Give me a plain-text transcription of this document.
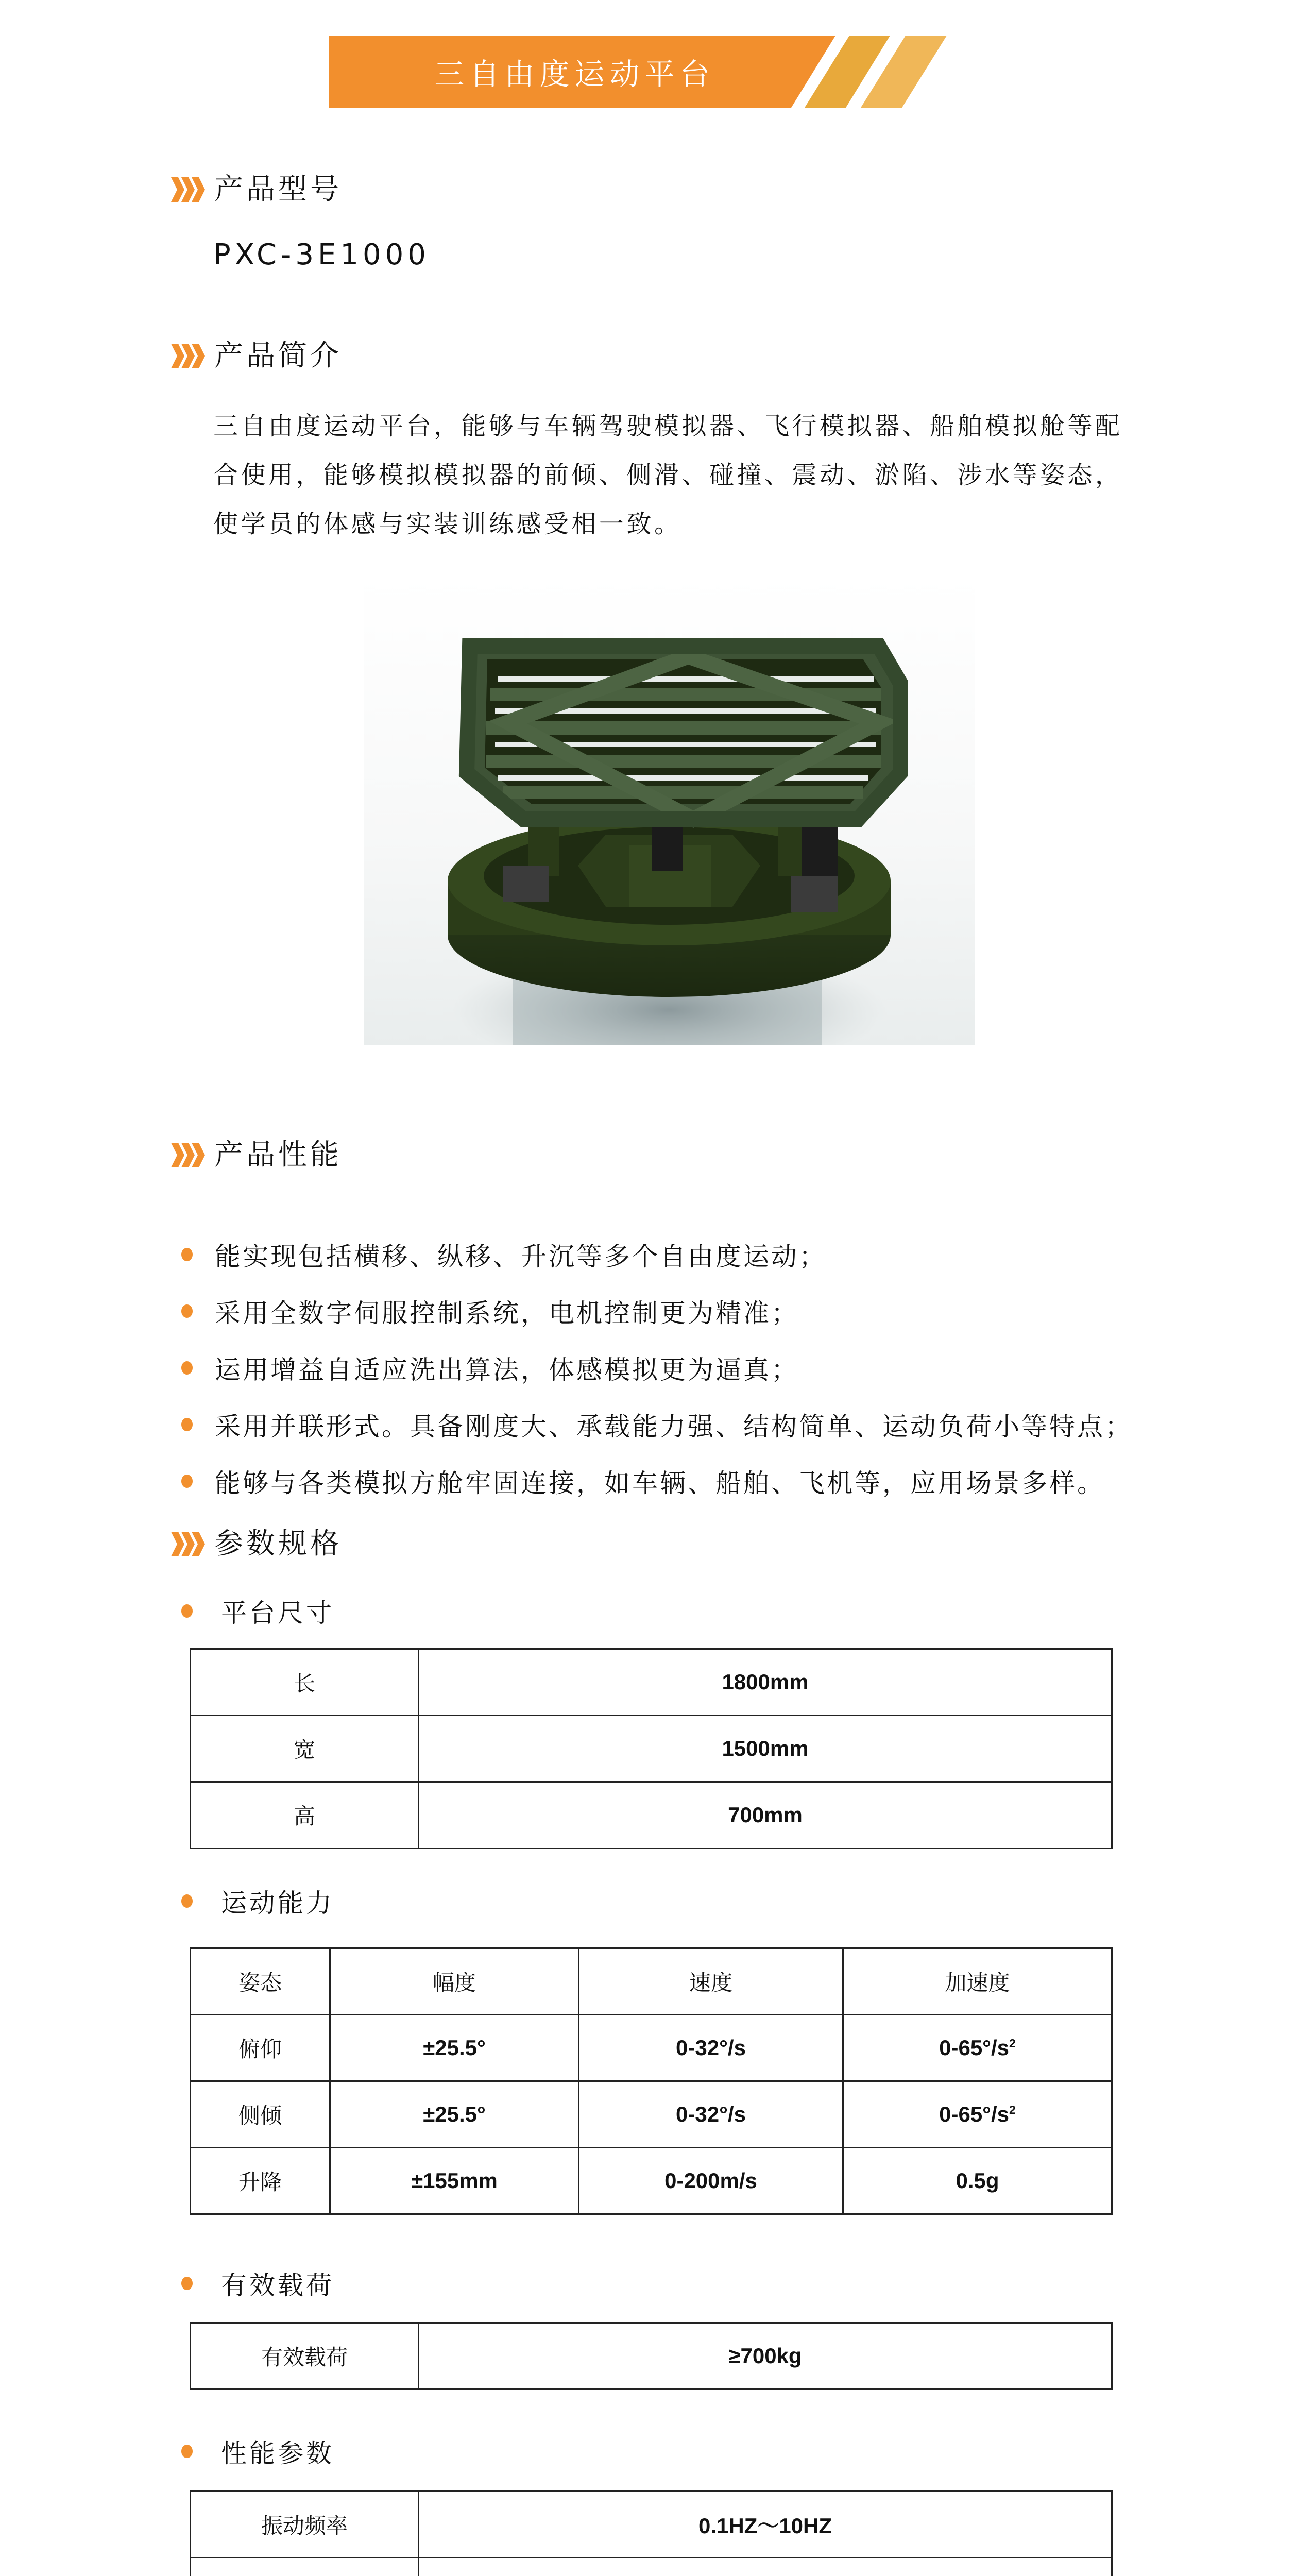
三自由度运动平台
产品型号
PXC-3E1000
产品简介
三自由度运动平台，能够与车辆驾驶模拟器、飞行模拟器、船舶模拟舱等配
合使用，能够模拟模拟器的前倾、侧滑、碰撞、震动、淤陷、涉水等姿态，
使学员的体感与实装训练感受相一致。
产品性能
能实现包括横移、纵移、升沉等多个自由度运动；
采用全数字伺服控制系统，电机控制更为精准；
运用增益自适应洗出算法，体感模拟更为逼真；
采用并联形式。具备刚度大、承载能力强、结构简单、运动负荷小等特点；
能够与各类模拟方舱牢固连接，如车辆、船舶、飞机等，应用场景多样。
参数规格
平台尺寸
长	1800mm
宽	1500mm
高	700mm
运动能力
姿态	幅度	速度	加速度
俯仰	±25.5°	0-32°/s	$0-65^\circ/s^2$
侧倾	±25.5°	0-32°/s	$0-65^\circ/s^2$
升降	±155mm	0-200m/s	0.5g
有效载荷
有效载荷	≥700kg
性能参数
振动频率	0.1HZ～10HZ
